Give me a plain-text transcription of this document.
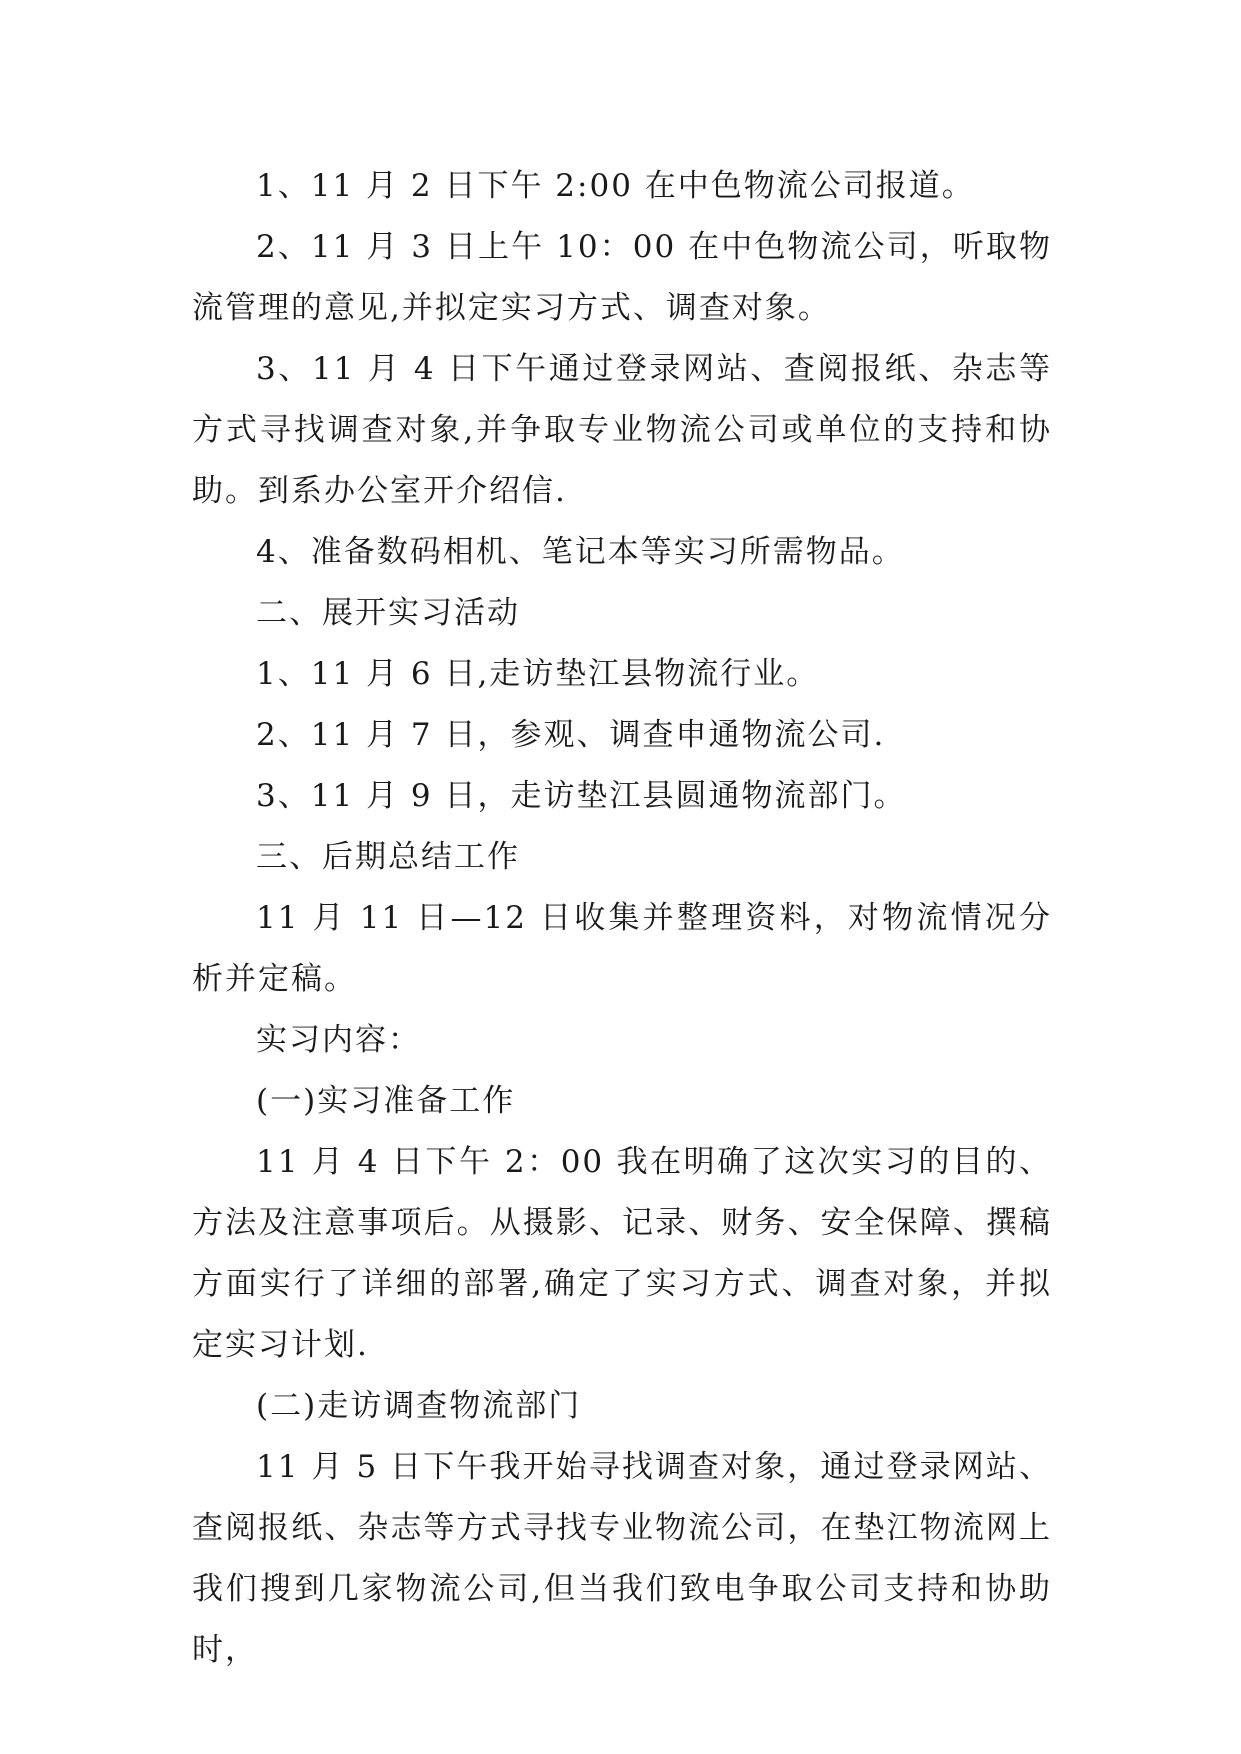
1、11 月 2 日下午 2:00 在中色物流公司报道。

2、11 月 3 日上午 10：00 在中色物流公司，听取物流管理的意见,并拟定实习方式、调查对象。

3、11 月 4 日下午通过登录网站、查阅报纸、杂志等方式寻找调查对象,并争取专业物流公司或单位的支持和协助。到系办公室开介绍信.

4、准备数码相机、笔记本等实习所需物品。

二、展开实习活动

1、11 月 6 日,走访垫江县物流行业。

2、11 月 7 日，参观、调查申通物流公司.

3、11 月 9 日，走访垫江县圆通物流部门。

三、后期总结工作

11 月 11 日—12 日收集并整理资料，对物流情况分析并定稿。

实习内容：

(一)实习准备工作

11 月 4 日下午 2：00 我在明确了这次实习的目的、方法及注意事项后。从摄影、记录、财务、安全保障、撰稿方面实行了详细的部署,确定了实习方式、调查对象，并拟定实习计划.

(二)走访调查物流部门

11 月 5 日下午我开始寻找调查对象，通过登录网站、查阅报纸、杂志等方式寻找专业物流公司，在垫江物流网上我们搜到几家物流公司,但当我们致电争取公司支持和协助时，
